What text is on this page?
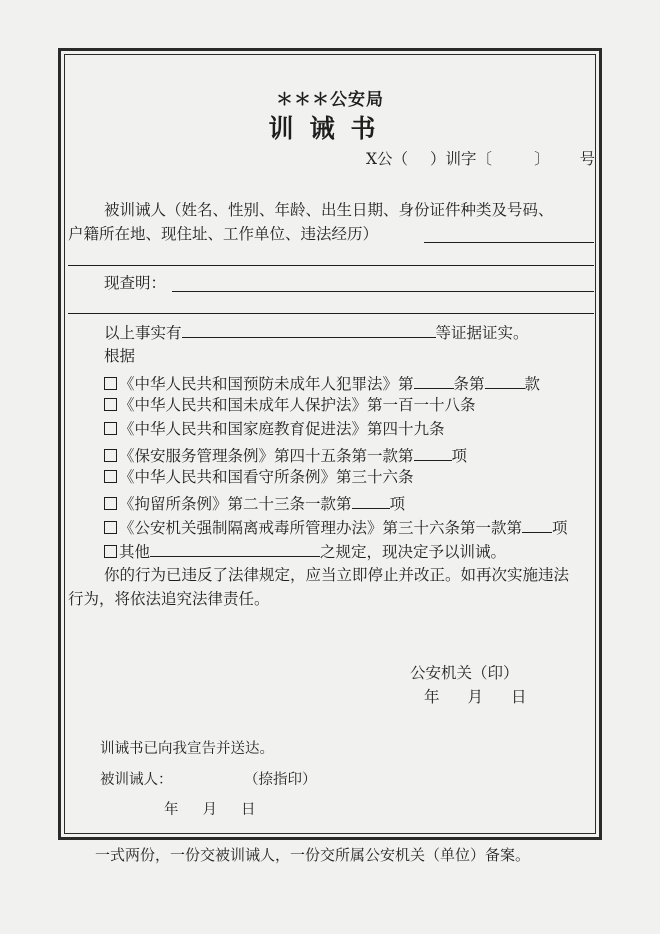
＊＊＊公安局
训诫书
X公（ ）训字〔	〕 号
被训诫人（姓名、性别、年龄、出生日期、身份证件种类及号码、
户籍所在地、现住址、工作单位、违法经历）
现查明：
以上事实有	等证据证实。
根据
《中华人民共和国预防未成年人犯罪法》第	条第	款
《中华人民共和国未成年人保护法》第一百一十八条
《中华人民共和国家庭教育促进法》第四十九条
《保安服务管理条例》第四十五条第一款第 项
《中华人民共和国看守所条例》第三十六条
《拘留所条例》第二十三条一款第 项
《公安机关强制隔离戒毒所管理办法》第三十六条第一款第 项
其他	之规定，现决定予以训诫。
你的行为已违反了法律规定，应当立即停止并改正。如再次实施违法
行为，将依法追究法律责任。
公安机关（印）
年 月 日
训诫书已向我宣告并送达。
被训诫人：	（捺指印）
年 月 日
一式两份，一份交被训诫人，一份交所属公安机关（单位）备案。
